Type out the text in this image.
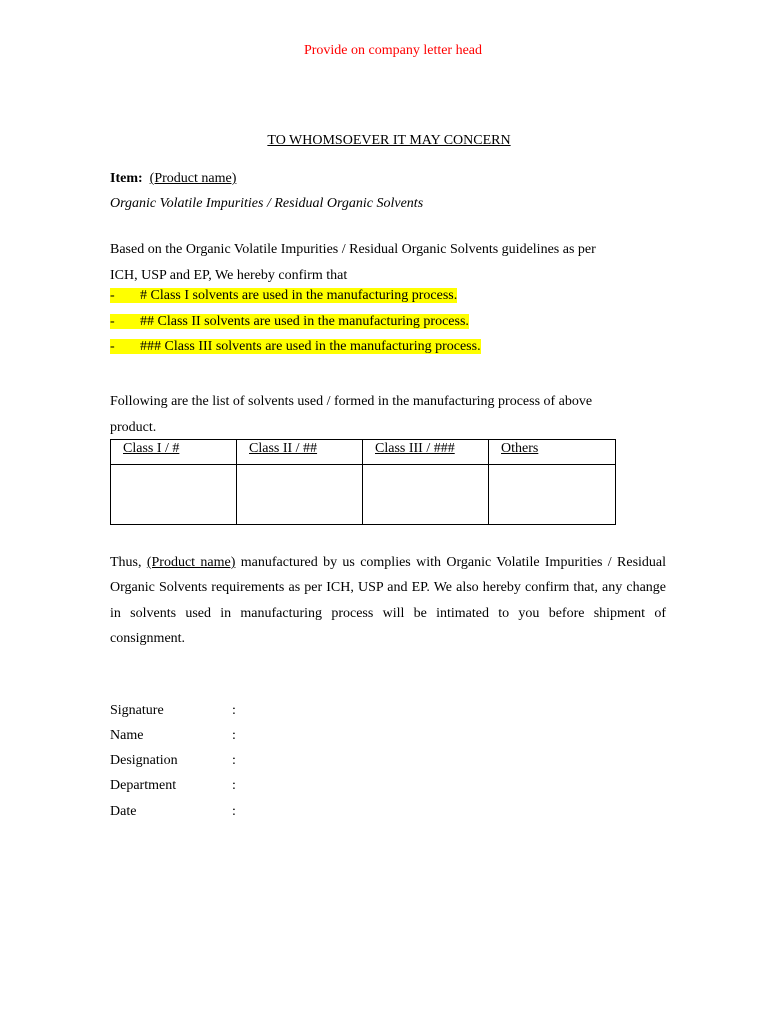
Provide on company letter head
TO WHOMSOEVER IT MAY CONCERN
Item: (Product name)
Organic Volatile Impurities / Residual Organic Solvents
Based on the Organic Volatile Impurities / Residual Organic Solvents guidelines as per
ICH, USP and EP, We hereby confirm that
- # Class I solvents are used in the manufacturing process.
- ## Class II solvents are used in the manufacturing process.
- ### Class III solvents are used in the manufacturing process.
Following are the list of solvents used / formed in the manufacturing process of above
product.
Class I / #	Class II / ##	Class III / ###	Others

Thus, (Product name) manufactured by us complies with Organic Volatile Impurities / Residual Organic Solvents requirements as per ICH, USP and EP. We also hereby confirm that, any change in solvents used in manufacturing process will be intimated to you before shipment of consignment.
Signature	:
Name	:
Designation	:
Department	:
Date	:
